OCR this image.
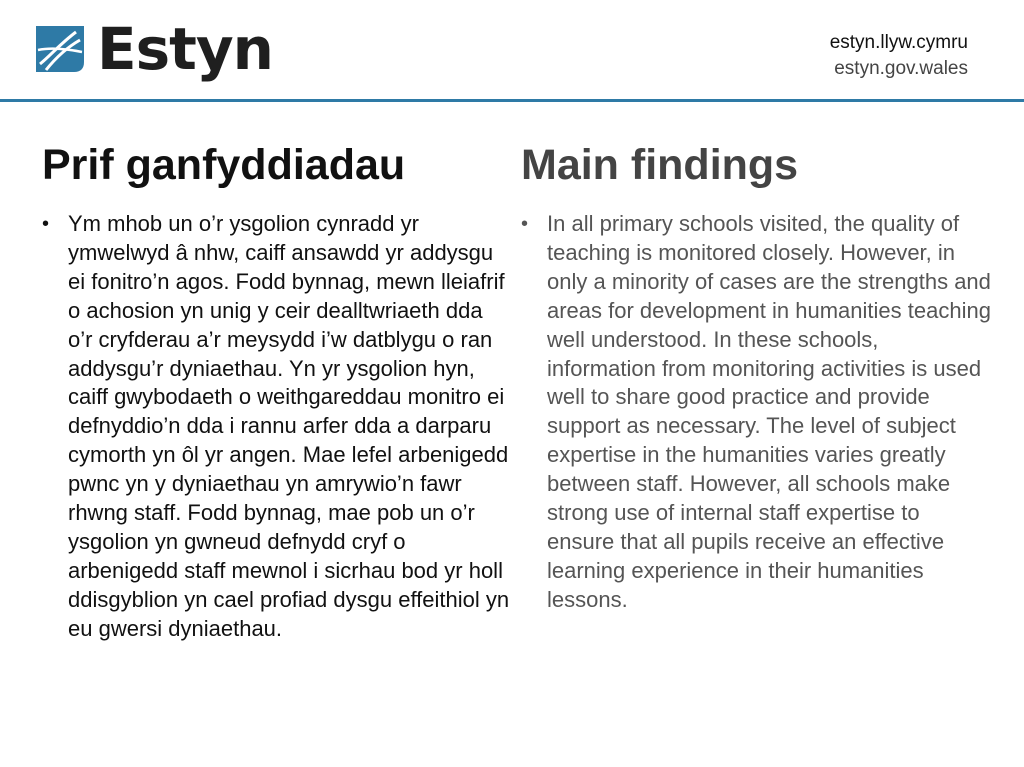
Estyn	estyn.llyw.cymru
estyn.gov.wales
Prif ganfyddiadau
• Ym mhob un o’r ysgolion cynradd yr ymwelwyd â nhw, caiff ansawdd yr addysgu ei fonitro’n agos. Fodd bynnag, mewn lleiafrif o achosion yn unig y ceir dealltwriaeth dda o’r cryfderau a’r meysydd i’w datblygu o ran addysgu’r dyniaethau. Yn yr ysgolion hyn, caiff gwybodaeth o weithgareddau monitro ei defnyddio’n dda i rannu arfer dda a darparu cymorth yn ôl yr angen. Mae lefel arbenigedd pwnc yn y dyniaethau yn amrywio’n fawr rhwng staff. Fodd bynnag, mae pob un o’r ysgolion yn gwneud defnydd cryf o arbenigedd staff mewnol i sicrhau bod yr holl ddisgyblion yn cael profiad dysgu effeithiol yn eu gwersi dyniaethau.
Main findings
• In all primary schools visited, the quality of teaching is monitored closely. However, in only a minority of cases are the strengths and areas for development in humanities teaching well understood. In these schools, information from monitoring activities is used well to share good practice and provide support as necessary. The level of subject expertise in the humanities varies greatly between staff. However, all schools make strong use of internal staff expertise to ensure that all pupils receive an effective learning experience in their humanities lessons.
